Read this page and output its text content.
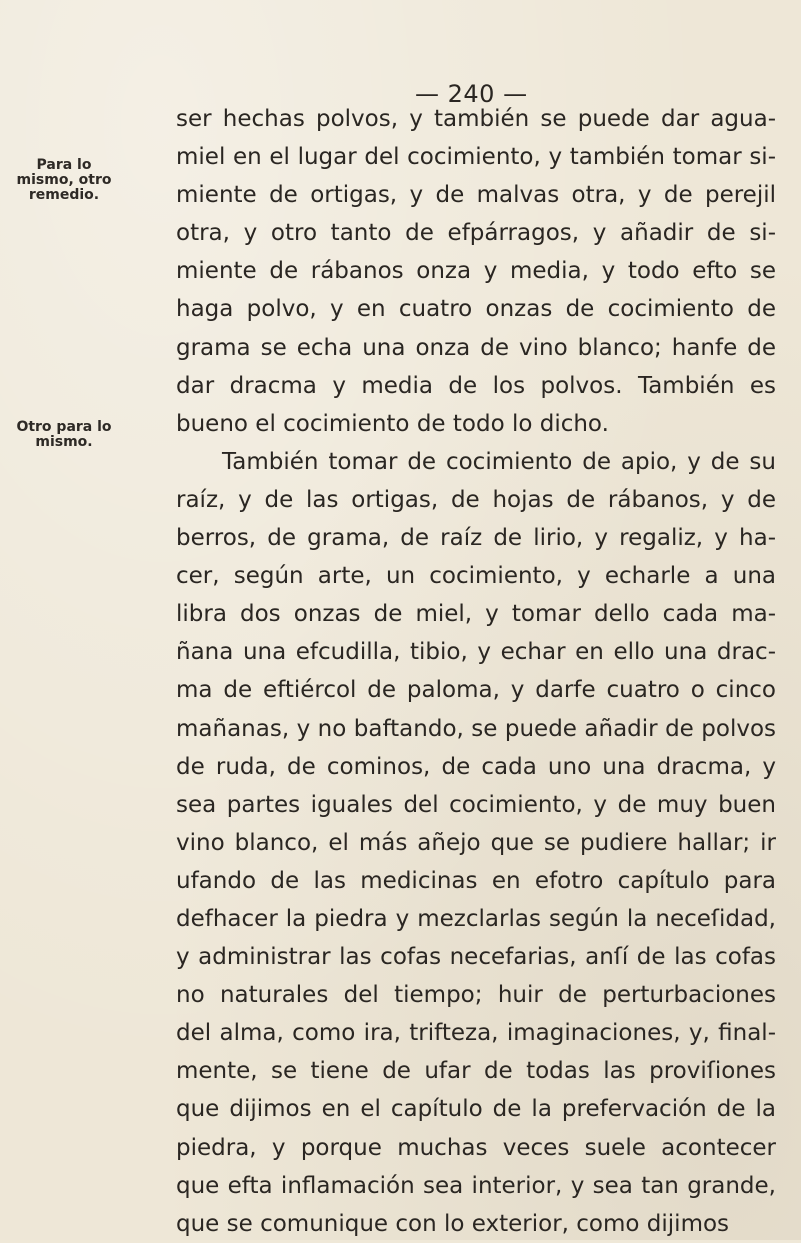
— 240 —
Para lo mismo, otro remedio.
Otro para lo mismo.
ser hechas polvos, y también se puede dar agua-
miel en el lugar del cocimiento, y también tomar si-
miente de ortigas, y de malvas otra, y de perejil
otra, y otro tanto de efpárragos, y añadir de si-
miente de rábanos onza y media, y todo efto se
haga polvo, y en cuatro onzas de cocimiento de
grama se echa una onza de vino blanco; hanfe de
dar dracma y media de los polvos. También es
bueno el cocimiento de todo lo dicho.
También tomar de cocimiento de apio, y de su
raíz, y de las ortigas, de hojas de rábanos, y de
berros, de grama, de raíz de lirio, y regaliz, y ha-
cer, según arte, un cocimiento, y echarle a una
libra dos onzas de miel, y tomar dello cada ma-
ñana una efcudilla, tibio, y echar en ello una drac-
ma de eftiércol de paloma, y darfe cuatro o cinco
mañanas, y no baftando, se puede añadir de polvos
de ruda, de cominos, de cada uno una dracma, y
sea partes iguales del cocimiento, y de muy buen
vino blanco, el más añejo que se pudiere hallar; ir
ufando de las medicinas en efotro capítulo para
defhacer la piedra y mezclarlas según la neceſidad,
y administrar las cofas necefarias, anſí de las cofas
no naturales del tiempo; huir de perturbaciones
del alma, como ira, trifteza, imaginaciones, y, final-
mente, se tiene de ufar de todas las proviſiones
que dijimos en el capítulo de la prefervación de la
piedra, y porque muchas veces suele acontecer
que efta inflamación sea interior, y sea tan grande,
que se comunique con lo exterior, como dijimos
